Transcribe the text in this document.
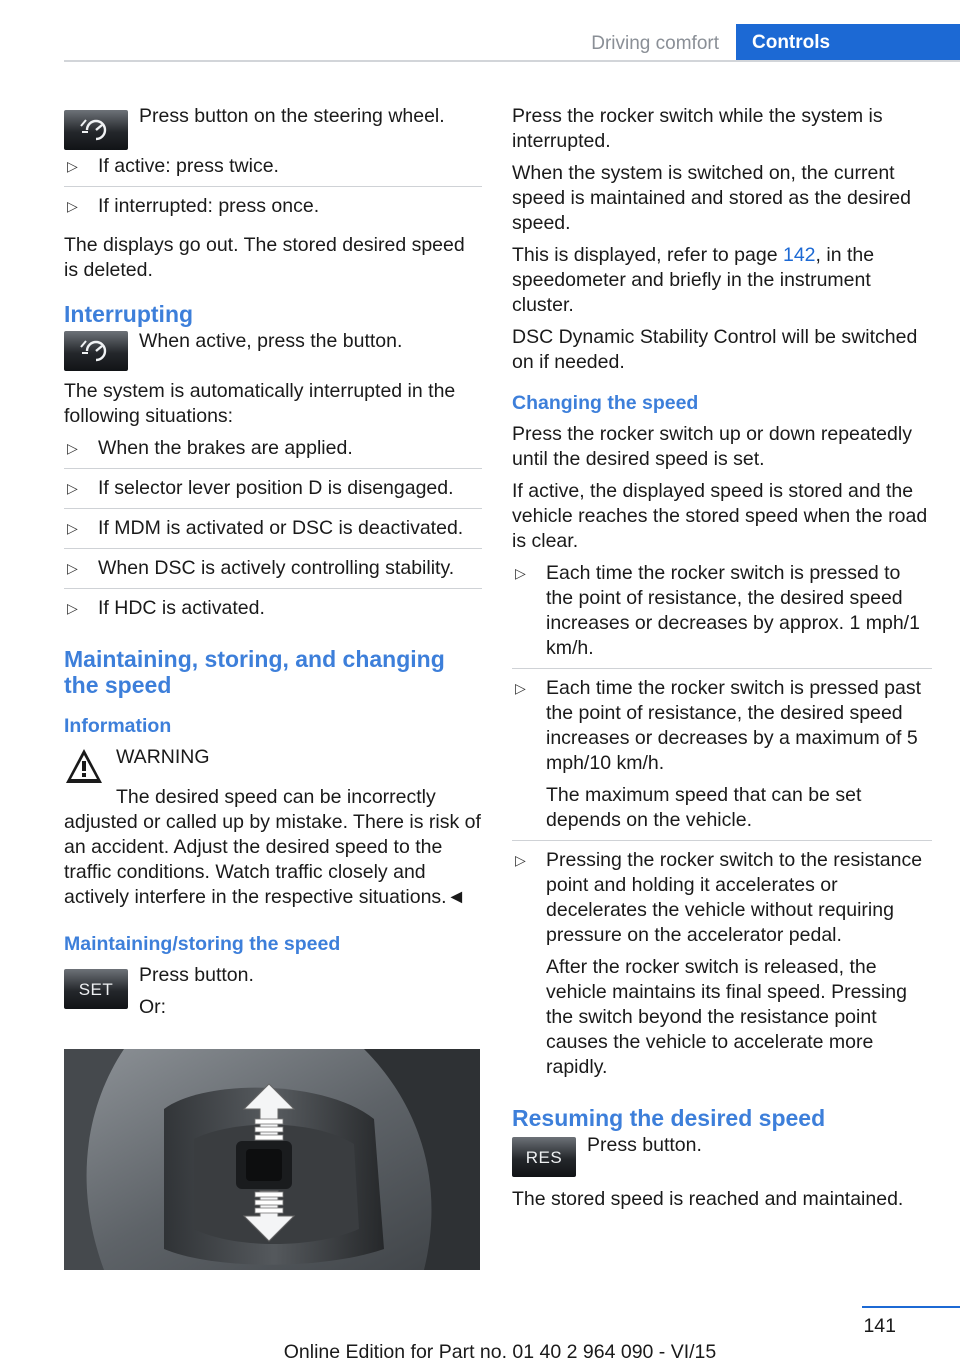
Driving comfort	Controls

Press button on the steering wheel.

▷ If active: press twice.

▷ If interrupted: press once.

The displays go out. The stored desired speed is deleted.

Interrupting

When active, press the button.

The system is automatically interrupted in the following situations:

▷ When the brakes are applied.

▷ If selector lever position D is disengaged.

▷ If MDM is activated or DSC is deactivated.

▷ When DSC is actively controlling stability.

▷ If HDC is activated.

Maintaining, storing, and changing the speed
Information

WARNING

The desired speed can be incorrectly adjusted or called up by mistake. There is risk of an accident. Adjust the desired speed to the traffic conditions. Watch traffic closely and actively interfere in the respective situations.◄

Maintaining/storing the speed
SET

Press button.

Or:

Press the rocker switch while the system is interrupted.

When the system is switched on, the current speed is maintained and stored as the desired speed.

This is displayed, refer to page 142, in the speedometer and briefly in the instrument cluster.

DSC Dynamic Stability Control will be switched on if needed.

Changing the speed

Press the rocker switch up or down repeatedly until the desired speed is set.

If active, the displayed speed is stored and the vehicle reaches the stored speed when the road is clear.

▷ Each time the rocker switch is pressed to the point of resistance, the desired speed increases or decreases by approx. 1 mph/1 km/h.

▷ Each time the rocker switch is pressed past the point of resistance, the desired speed increases or decreases by a maximum of 5 mph/10 km/h.

The maximum speed that can be set depends on the vehicle.

▷ Pressing the rocker switch to the resistance point and holding it accelerates or decelerates the vehicle without requiring pressure on the accelerator pedal.

After the rocker switch is released, the vehicle maintains its final speed. Pressing the switch beyond the resistance point causes the vehicle to accelerate more rapidly.

Resuming the desired speed
RES

Press button.

The stored speed is reached and maintained.

141
Online Edition for Part no. 01 40 2 964 090 - VI/15
